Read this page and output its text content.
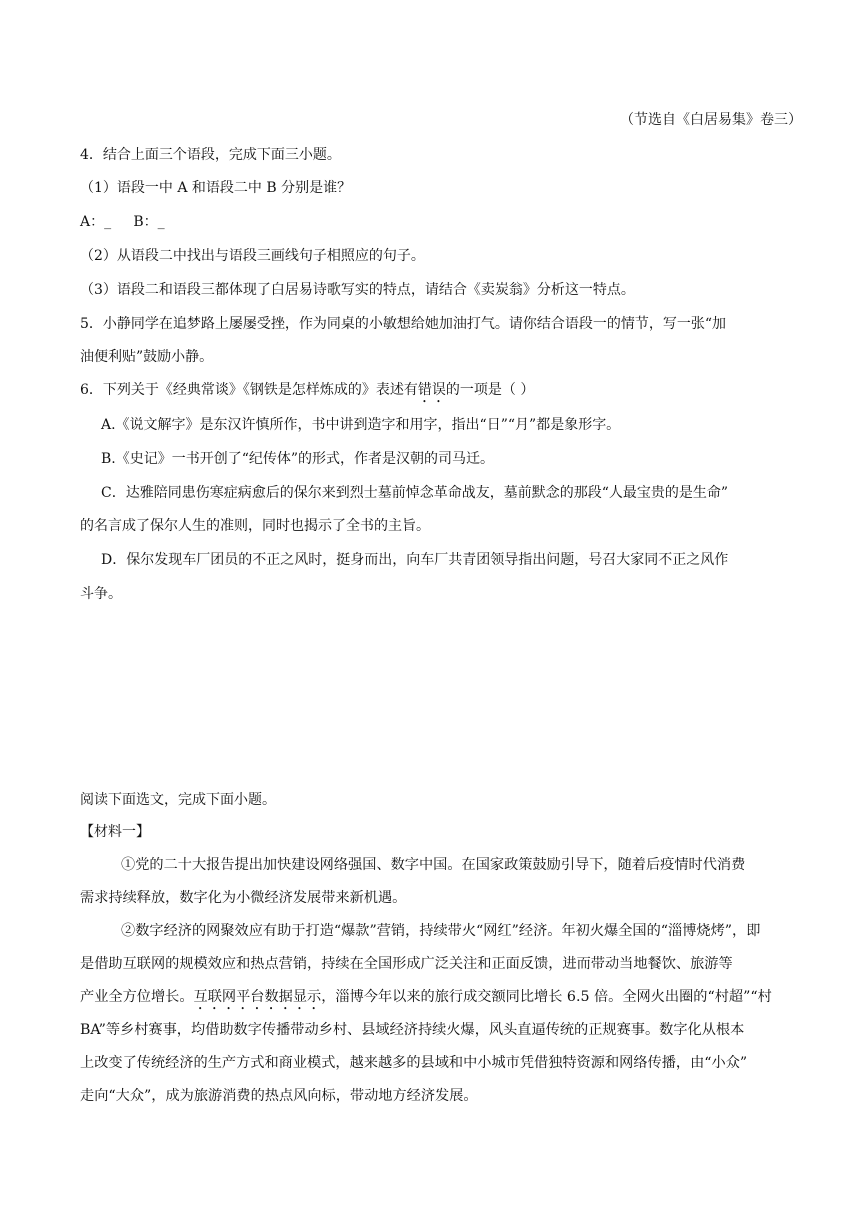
（节选自《白居易集》卷三）
4．结合上面三个语段，完成下面三小题。
（1）语段一中 A 和语段二中 B 分别是谁？
A：_     B：_
（2）从语段二中找出与语段三画线句子相照应的句子。
（3）语段二和语段三都体现了白居易诗歌写实的特点，请结合《卖炭翁》分析这一特点。
5．小静同学在追梦路上屡屡受挫，作为同桌的小敏想给她加油打气。请你结合语段一的情节，写一张“加
油便利贴”鼓励小静。
6．下列关于《经典常谈》《钢铁是怎样炼成的》表述有错误的一项是（ ）
A.《说文解字》是东汉许慎所作，书中讲到造字和用字，指出“日”“月”都是象形字。
B.《史记》一书开创了“纪传体”的形式，作者是汉朝的司马迁。
C．达雅陪同患伤寒症病愈后的保尔来到烈士墓前悼念革命战友，墓前默念的那段“人最宝贵的是生命”
的名言成了保尔人生的准则，同时也揭示了全书的主旨。
D．保尔发现车厂团员的不正之风时，挺身而出，向车厂共青团领导指出问题，号召大家同不正之风作
斗争。
阅读下面选文，完成下面小题。
【材料一】
①党的二十大报告提出加快建设网络强国、数字中国。在国家政策鼓励引导下，随着后疫情时代消费
需求持续释放，数字化为小微经济发展带来新机遇。
②数字经济的网聚效应有助于打造“爆款”营销，持续带火“网红”经济。年初火爆全国的“淄博烧烤”，即
是借助互联网的规模效应和热点营销，持续在全国形成广泛关注和正面反馈，进而带动当地餐饮、旅游等
产业全方位增长。互联网平台数据显示，淄博今年以来的旅行成交额同比增长 6.5 倍。全网火出圈的“村超”“村
BA”等乡村赛事，均借助数字传播带动乡村、县域经济持续火爆，风头直逼传统的正规赛事。数字化从根本
上改变了传统经济的生产方式和商业模式，越来越多的县域和中小城市凭借独特资源和网络传播，由“小众”
走向“大众”，成为旅游消费的热点风向标，带动地方经济发展。
